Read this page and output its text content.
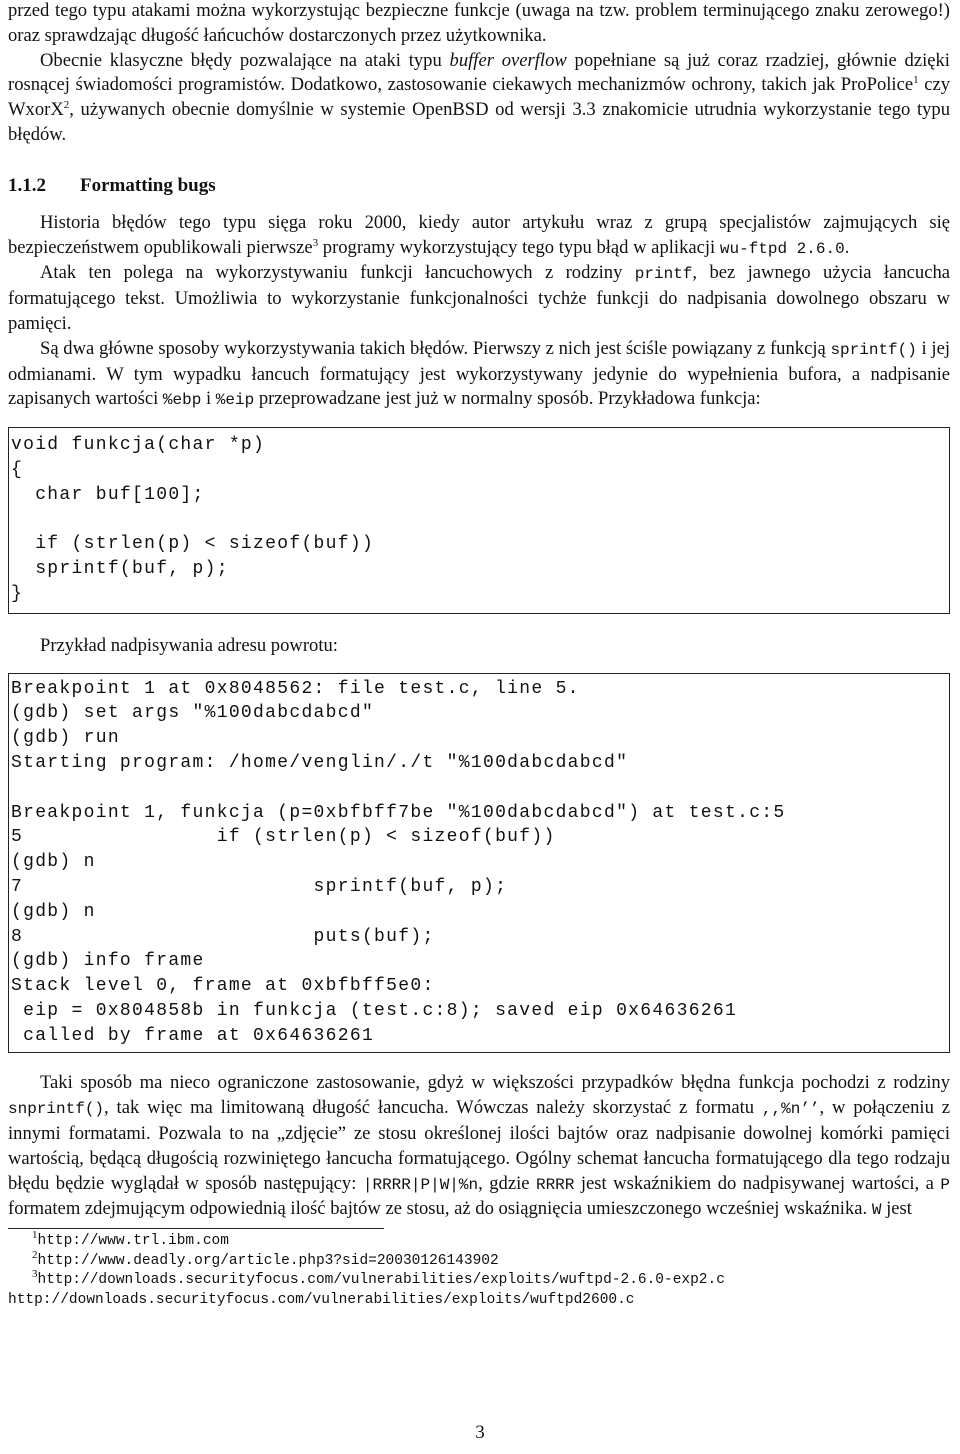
przed tego typu atakami można wykorzystując bezpieczne funkcje (uwaga na tzw. problem terminującego znaku zerowego!) oraz sprawdzając długość łańcuchów dostarczonych przez użytkownika.

Obecnie klasyczne błędy pozwalające na ataki typu buffer overflow popełniane są już coraz rzadziej, głównie dzięki rosnącej świadomości programistów. Dodatkowo, zastosowanie ciekawych mechanizmów ochrony, takich jak ProPolice$^1$ czy WxorX$^2$, używanych obecnie domyślnie w systemie OpenBSD od wersji 3.3 znakomicie utrudnia wykorzystanie tego typu błędów.

1.1.2 Formatting bugs

Historia błędów tego typu sięga roku 2000, kiedy autor artykułu wraz z grupą specjalistów zajmujących się bezpieczeństwem opublikowali pierwsze$^3$ programy wykorzystujący tego typu błąd w aplikacji wu-ftpd 2.6.0.

Atak ten polega na wykorzystywaniu funkcji łancuchowych z rodziny printf, bez jawnego użycia łancucha formatującego tekst. Umożliwia to wykorzystanie funkcjonalności tychże funkcji do nadpisania dowolnego obszaru w pamięci.

Są dwa główne sposoby wykorzystywania takich błędów. Pierwszy z nich jest ściśle powiązany z funkcją sprintf() i jej odmianami. W tym wypadku łancuch formatujący jest wykorzystywany jedynie do wypełnienia bufora, a nadpisanie zapisanych wartości %ebp i %eip przeprowadzane jest już w normalny sposób. Przykładowa funkcja:

void funkcja(char *p)
{
char buf[100];

if (strlen(p) < sizeof(buf))
sprintf(buf, p);
}
Przykład nadpisywania adresu powrotu:
Breakpoint 1 at 0x8048562: file test.c, line 5.
(gdb) set args "%100dabcdabcd"
(gdb) run
Starting program: /home/venglin/./t "%100dabcdabcd"

Breakpoint 1, funkcja (p=0xbfbff7be "%100dabcdabcd") at test.c:5
5                if (strlen(p) < sizeof(buf))
(gdb) n
7                        sprintf(buf, p);
(gdb) n
8                        puts(buf);
(gdb) info frame
Stack level 0, frame at 0xbfbff5e0:
eip = 0x804858b in funkcja (test.c:8); saved eip 0x64636261
called by frame at 0x64636261

Taki sposób ma nieco ograniczone zastosowanie, gdyż w większości przypadków błędna funkcja pochodzi z rodziny snprintf(), tak więc ma limitowaną długość łancucha. Wówczas należy skorzystać z formatu ,,%n’’, w połączeniu z innymi formatami. Pozwala to na „zdjęcie” ze stosu określonej ilości bajtów oraz nadpisanie dowolnej komórki pamięci wartością, będącą długością rozwiniętego łancucha formatującego. Ogólny schemat łancucha formatującego dla tego rodzaju błędu będzie wyglądał w sposób następujący: |RRRR|P|W|%n, gdzie RRRR jest wskaźnikiem do nadpisywanej wartości, a P formatem zdejmującym odpowiednią ilość bajtów ze stosu, aż do osiągnięcia umieszczonego wcześniej wskaźnika. W jest

$^1$http://www.trl.ibm.com
$^2$http://www.deadly.org/article.php3?sid=20030126143902
$^3$http://downloads.securityfocus.com/vulnerabilities/exploits/wuftpd-2.6.0-exp2.c
http://downloads.securityfocus.com/vulnerabilities/exploits/wuftpd2600.c
3
